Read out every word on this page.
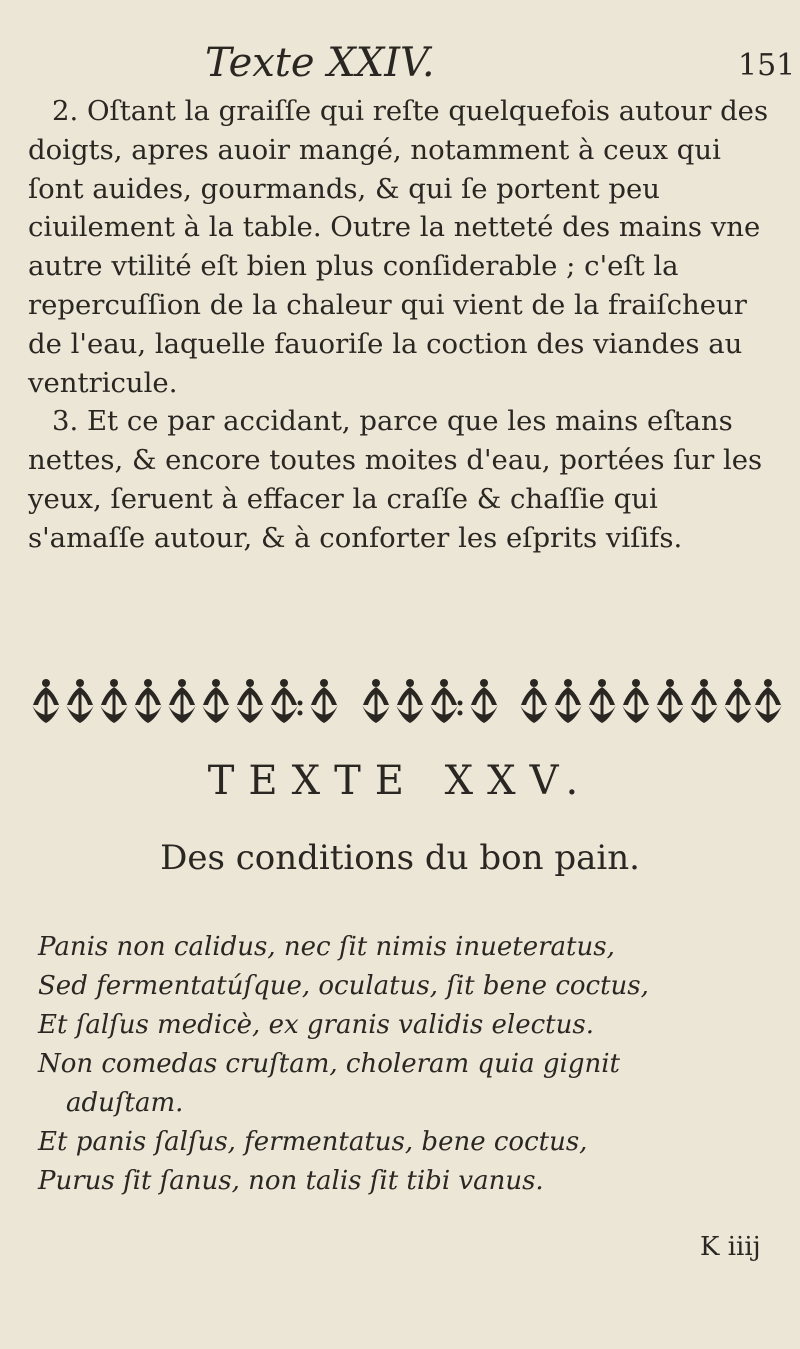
Texte XXIV.	151

2. Oſtant la graiſſe qui reſte quelquefois autour des doigts, apres auoir mangé, notamment à ceux qui ſont auides, gourmands, & qui ſe portent peu ciuilement à la table. Outre la netteté des mains vne autre vtilité eſt bien plus conſiderable ; c'eſt la repercuſſion de la chaleur qui vient de la fraiſcheur de l'eau, laquelle fauoriſe la coction des viandes au ventricule.

3. Et ce par accidant, parce que les mains eſtans nettes, & encore toutes moites d'eau, portées ſur les yeux, ſeruent à effacer la craſſe & chaſſie qui s'amaſſe autour, & à conforter les eſprits viſifs.

TEXTE XXV.
Des conditions du bon pain.
Panis non calidus, nec ſit nimis inueteratus,
Sed fermentatúſque, oculatus, ſit bene coctus,
Et ſalſus medicè, ex granis validis electus.
Non comedas cruſtam, choleram quia gignit
aduſtam.
Et panis ſalſus, fermentatus, bene coctus,
Purus ſit ſanus, non talis ſit tibi vanus.
K iiij
